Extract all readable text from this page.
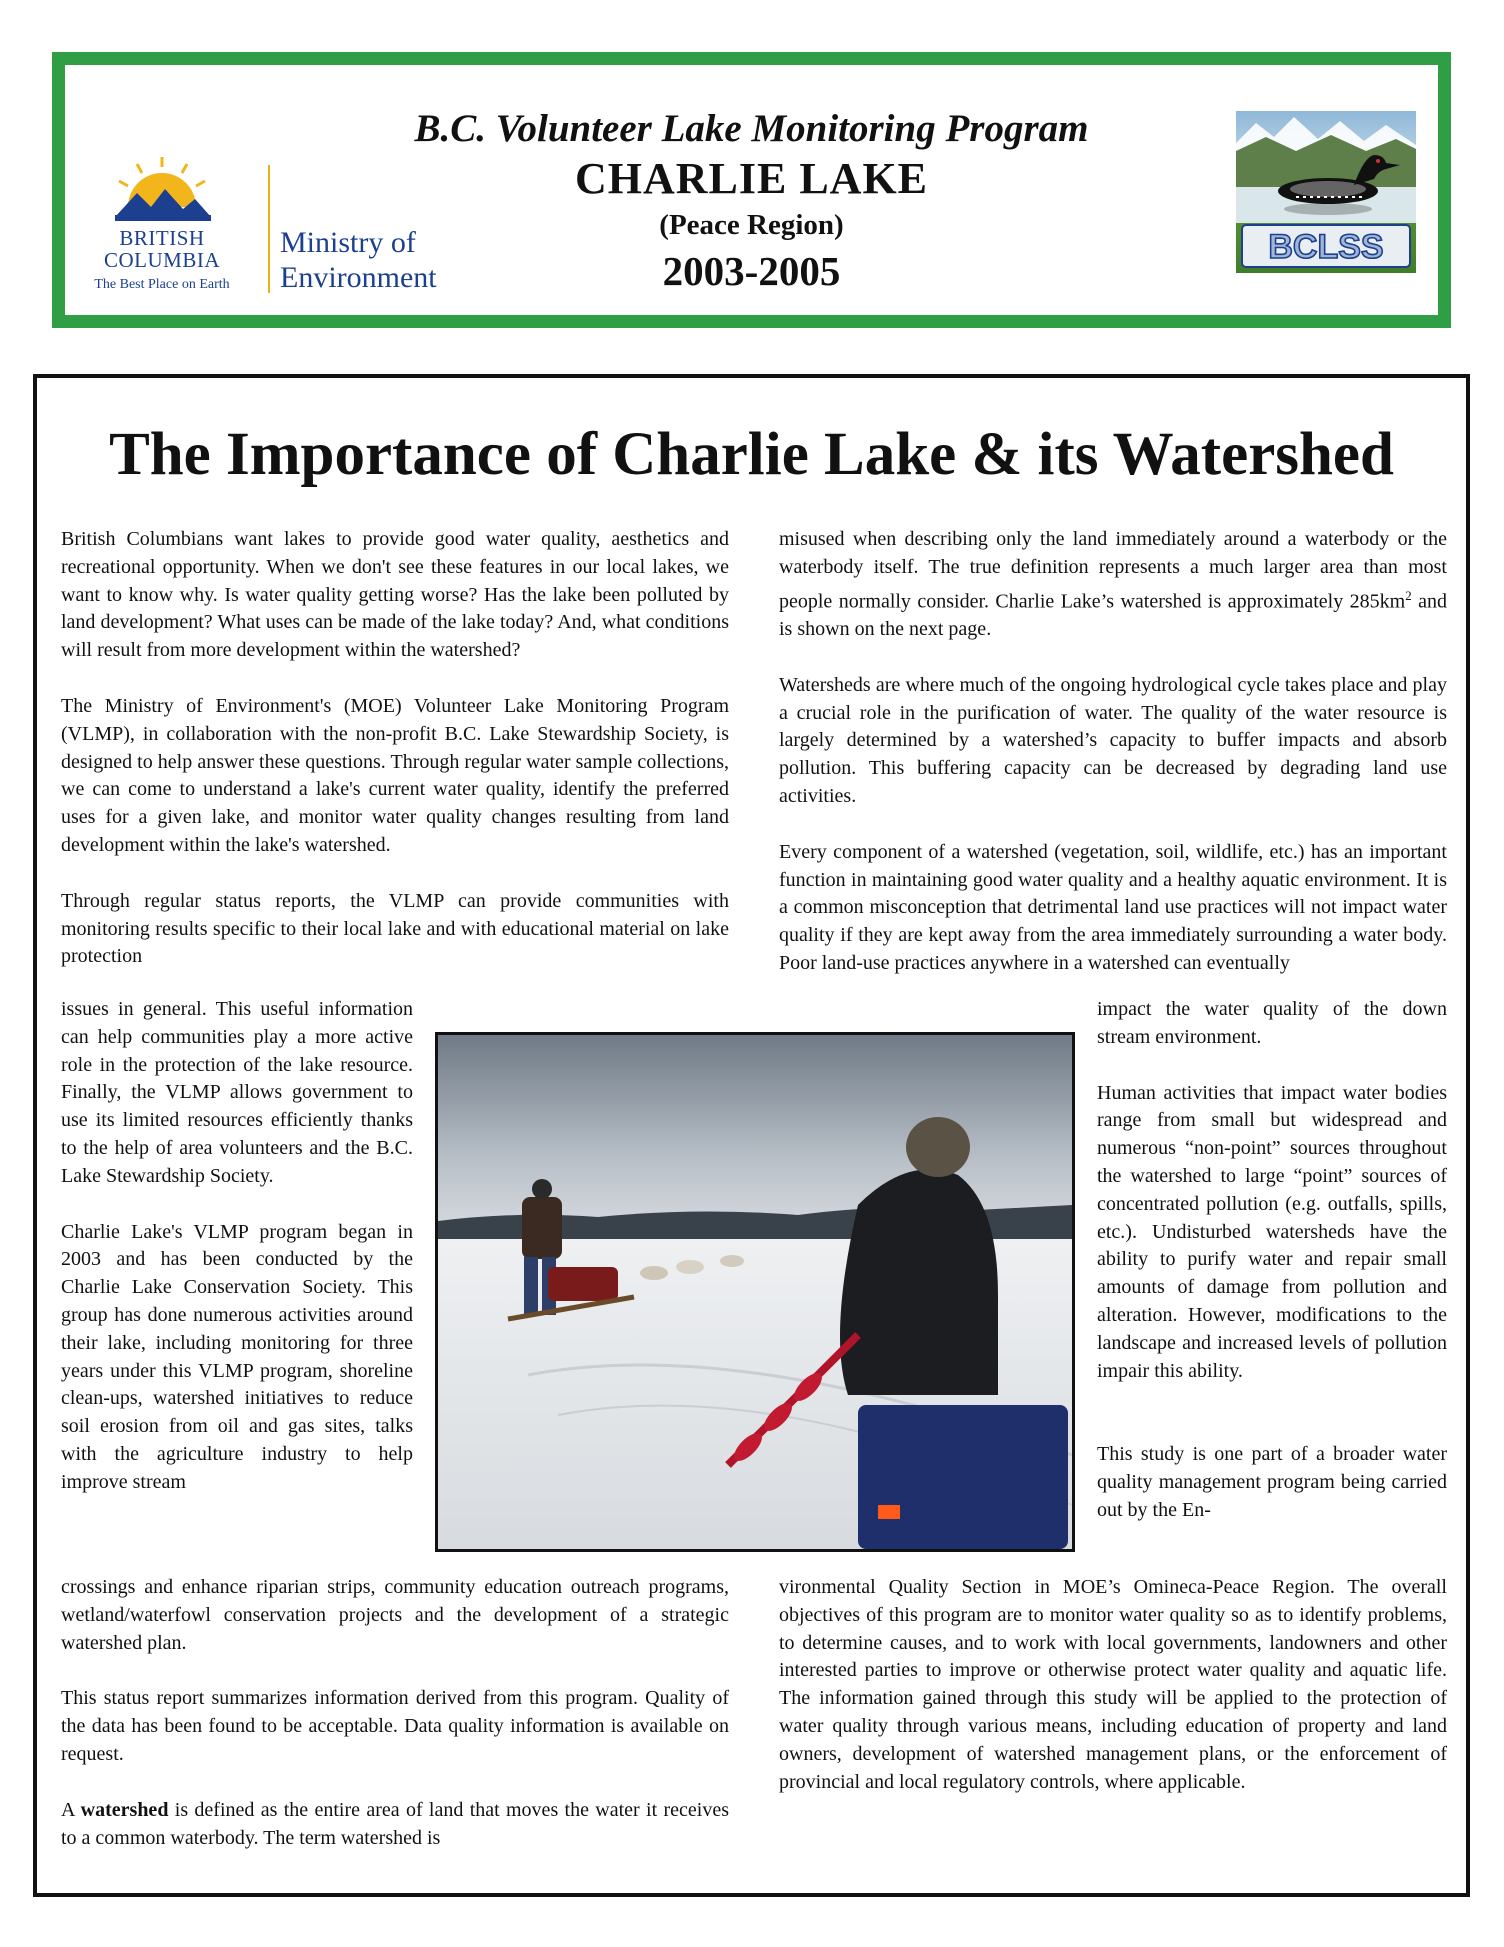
BRITISH
COLUMBIA
The Best Place on Earth
Ministry of
Environment
B.C. Volunteer Lake Monitoring Program
CHARLIE LAKE
(Peace Region)
2003-2005
BCLSS
The Importance of Charlie Lake & its Watershed

British Columbians want lakes to provide good water quality, aesthetics and recreational opportunity. When we don't see these features in our local lakes, we want to know why. Is water quality getting worse? Has the lake been polluted by land development? What uses can be made of the lake today? And, what conditions will result from more development within the watershed?

The Ministry of Environment's (MOE) Volunteer Lake Monitoring Program (VLMP), in collaboration with the non-profit B.C. Lake Stewardship Society, is designed to help answer these questions. Through regular water sample collections, we can come to understand a lake's current water quality, identify the preferred uses for a given lake, and monitor water quality changes resulting from land development within the lake's watershed.

Through regular status reports, the VLMP can provide communities with monitoring results specific to their local lake and with educational material on lake protection

issues in general. This useful information can help communities play a more active role in the protection of the lake resource. Finally, the VLMP allows government to use its limited resources efficiently thanks to the help of area volunteers and the B.C. Lake Stewardship Society.

Charlie Lake's VLMP program began in 2003 and has been conducted by the Charlie Lake Conservation Society. This group has done numerous activities around their lake, including monitoring for three years under this VLMP program, shoreline clean-ups, watershed initiatives to reduce soil erosion from oil and gas sites, talks with the agriculture industry to help improve stream

crossings and enhance riparian strips, community education outreach programs, wetland/waterfowl conservation projects and the development of a strategic watershed plan.

This status report summarizes information derived from this program. Quality of the data has been found to be acceptable. Data quality information is available on request.

A watershed is defined as the entire area of land that moves the water it receives to a common waterbody. The term watershed is

misused when describing only the land immediately around a waterbody or the waterbody itself. The true definition represents a much larger area than most people normally consider. Charlie Lake’s watershed is approximately $285km^2$ and is shown on the next page.

Watersheds are where much of the ongoing hydrological cycle takes place and play a crucial role in the purification of water. The quality of the water resource is largely determined by a watershed’s capacity to buffer impacts and absorb pollution. This buffering capacity can be decreased by degrading land use activities.

Every component of a watershed (vegetation, soil, wildlife, etc.) has an important function in maintaining good water quality and a healthy aquatic environment. It is a common misconception that detrimental land use practices will not impact water quality if they are kept away from the area immediately surrounding a water body. Poor land-use practices anywhere in a watershed can eventually

impact the water quality of the down stream environment.

Human activities that impact water bodies range from small but widespread and numerous “non-point” sources throughout the watershed to large “point” sources of concentrated pollution (e.g. outfalls, spills, etc.). Undisturbed watersheds have the ability to purify water and repair small amounts of damage from pollution and alteration. However, modifications to the landscape and increased levels of pollution impair this ability.

This study is one part of a broader water quality management program being carried out by the En-

vironmental Quality Section in MOE’s Omineca-Peace Region. The overall objectives of this program are to monitor water quality so as to identify problems, to determine causes, and to work with local governments, landowners and other interested parties to improve or otherwise protect water quality and aquatic life. The information gained through this study will be applied to the protection of water quality through various means, including education of property and land owners, development of watershed management plans, or the enforcement of provincial and local regulatory controls, where applicable.
